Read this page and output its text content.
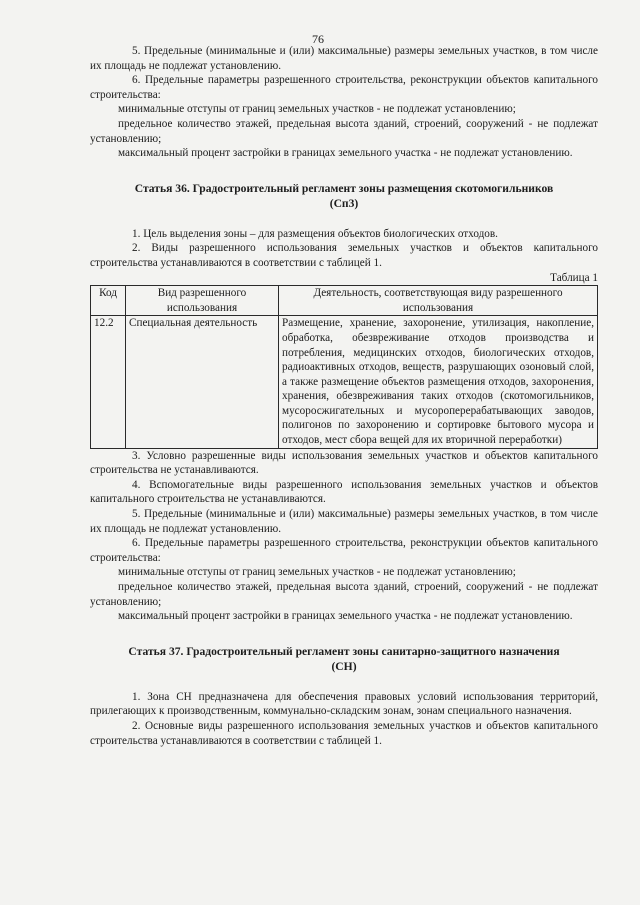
76

5. Предельные (минимальные и (или) максимальные) размеры земельных участков, в том числе их площадь не подлежат установлению.

6. Предельные параметры разрешенного строительства, реконструкции объектов капитального строительства:

минимальные отступы от границ земельных участков - не подлежат установлению;

предельное количество этажей, предельная высота зданий, строений, сооружений - не подлежат установлению;

максимальный процент застройки в границах земельного участка - не подлежат установлению.

Статья 36. Градостроительный регламент зоны размещения скотомогильников
(Сп3)

1. Цель выделения зоны – для размещения объектов биологических отходов.

2. Виды разрешенного использования земельных участков и объектов капитального строительства устанавливаются в соответствии с таблицей 1.

Таблица 1
Код	Вид разрешенного использования	Деятельность, соответствующая виду разрешенного использования
12.2	Специальная деятельность	Размещение, хранение, захоронение, утилизация, накопление, обработка, обезвреживание отходов производства и потребления, медицинских отходов, биологических отходов, радиоактивных отходов, веществ, разрушающих озоновый слой, а также размещение объектов размещения отходов, захоронения, хранения, обезвреживания таких отходов (скотомогильников, мусоросжигательных и мусороперерабатывающих заводов, полигонов по захоронению и сортировке бытового мусора и отходов, мест сбора вещей для их вторичной переработки)

3. Условно разрешенные виды использования земельных участков и объектов капитального строительства не устанавливаются.

4. Вспомогательные виды разрешенного использования земельных участков и объектов капитального строительства не устанавливаются.

5. Предельные (минимальные и (или) максимальные) размеры земельных участков, в том числе их площадь не подлежат установлению.

6. Предельные параметры разрешенного строительства, реконструкции объектов капитального строительства:

минимальные отступы от границ земельных участков - не подлежат установлению;

предельное количество этажей, предельная высота зданий, строений, сооружений - не подлежат установлению;

максимальный процент застройки в границах земельного участка - не подлежат установлению.

Статья 37. Градостроительный регламент зоны санитарно-защитного назначения
(СН)

1. Зона СН предназначена для обеспечения правовых условий использования территорий, прилегающих к производственным, коммунально-складским зонам, зонам специального назначения.

2. Основные виды разрешенного использования земельных участков и объектов капитального строительства устанавливаются в соответствии с таблицей 1.
